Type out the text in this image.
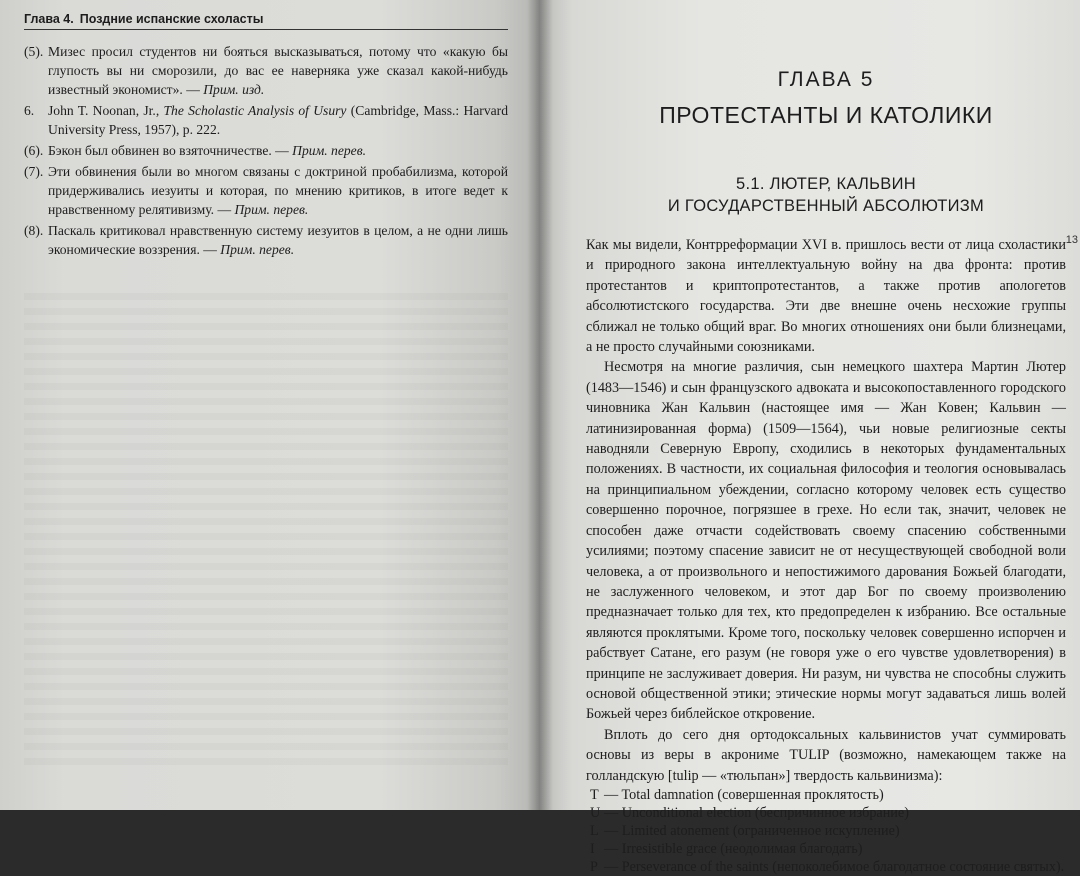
Глава 4. Поздние испанские схоласты
(5). Мизес просил студентов ни бояться высказываться, потому что «какую бы глупость вы ни сморозили, до вас ее наверняка уже сказал какой-нибудь известный экономист». — Прим. изд.
6.	John T. Noonan, Jr., The Scholastic Analysis of Usury (Cambridge, Mass.: Harvard University Press, 1957), p. 222.
(6). Бэкон был обвинен во взяточничестве. — Прим. перев.
(7). Эти обвинения были во многом связаны с доктриной пробабилизма, которой придерживались иезуиты и которая, по мнению критиков, в итоге ведет к нравственному релятивизму. — Прим. перев.
(8). Паскаль критиковал нравственную систему иезуитов в целом, а не одни лишь экономические воззрения. — Прим. перев.
ГЛАВА 5
ПРОТЕСТАНТЫ И КАТОЛИКИ
5.1. ЛЮТЕР, КАЛЬВИН
И ГОСУДАРСТВЕННЫЙ АБСОЛЮТИЗМ

Как мы видели, Контрреформации XVI в. пришлось вести от лица схоластики и природного закона интеллектуальную войну на два фронта: против протестантов и криптопротестантов, а также против апологетов абсолютистского государства. Эти две внешне очень несхожие группы сближал не только общий враг. Во многих отношениях они были близнецами, а не просто случайными союзниками.

Несмотря на многие различия, сын немецкого шахтера Мартин Лютер (1483—1546) и сын французского адвоката и высокопоставленного городского чиновника Жан Кальвин (настоящее имя — Жан Ковен; Кальвин — латинизированная форма) (1509—1564), чьи новые религиозные секты наводняли Северную Европу, сходились в некоторых фундаментальных положениях. В частности, их социальная философия и теология основывалась на принципиальном убеждении, согласно которому человек есть существо совершенно порочное, погрязшее в грехе. Но если так, значит, человек не способен даже отчасти содействовать своему спасению собственными усилиями; поэтому спасение зависит не от несуществующей свободной воли человека, а от произвольного и непостижимого дарования Божьей благодати, не заслуженного человеком, и этот дар Бог по своему произволению предназначает только для тех, кто предопределен к избранию. Все остальные являются проклятыми. Кроме того, поскольку человек совершенно испорчен и рабствует Сатане, его разум (не говоря уже о его чувстве удовлетворения) в принципе не заслуживает доверия. Ни разум, ни чувства не способны служить основой общественной этики; этические нормы могут задаваться лишь волей Божьей через библейское откровение.

Вплоть до сего дня ортодоксальных кальвинистов учат суммировать основы из веры в акрониме TULIP (возможно, намекающем также на голландскую [tulip — «тюльпан»] твердость кальвинизма):

T — Total damnation (совершенная проклятость)
U — Unconditional election (беспричинное избрание)
L — Limited atonement (ограниченное искупление)
I — Irresistible grace (неодолимая благодать)
P — Perseverance of the saints (непоколебимое благодатное состояние святых).
13
